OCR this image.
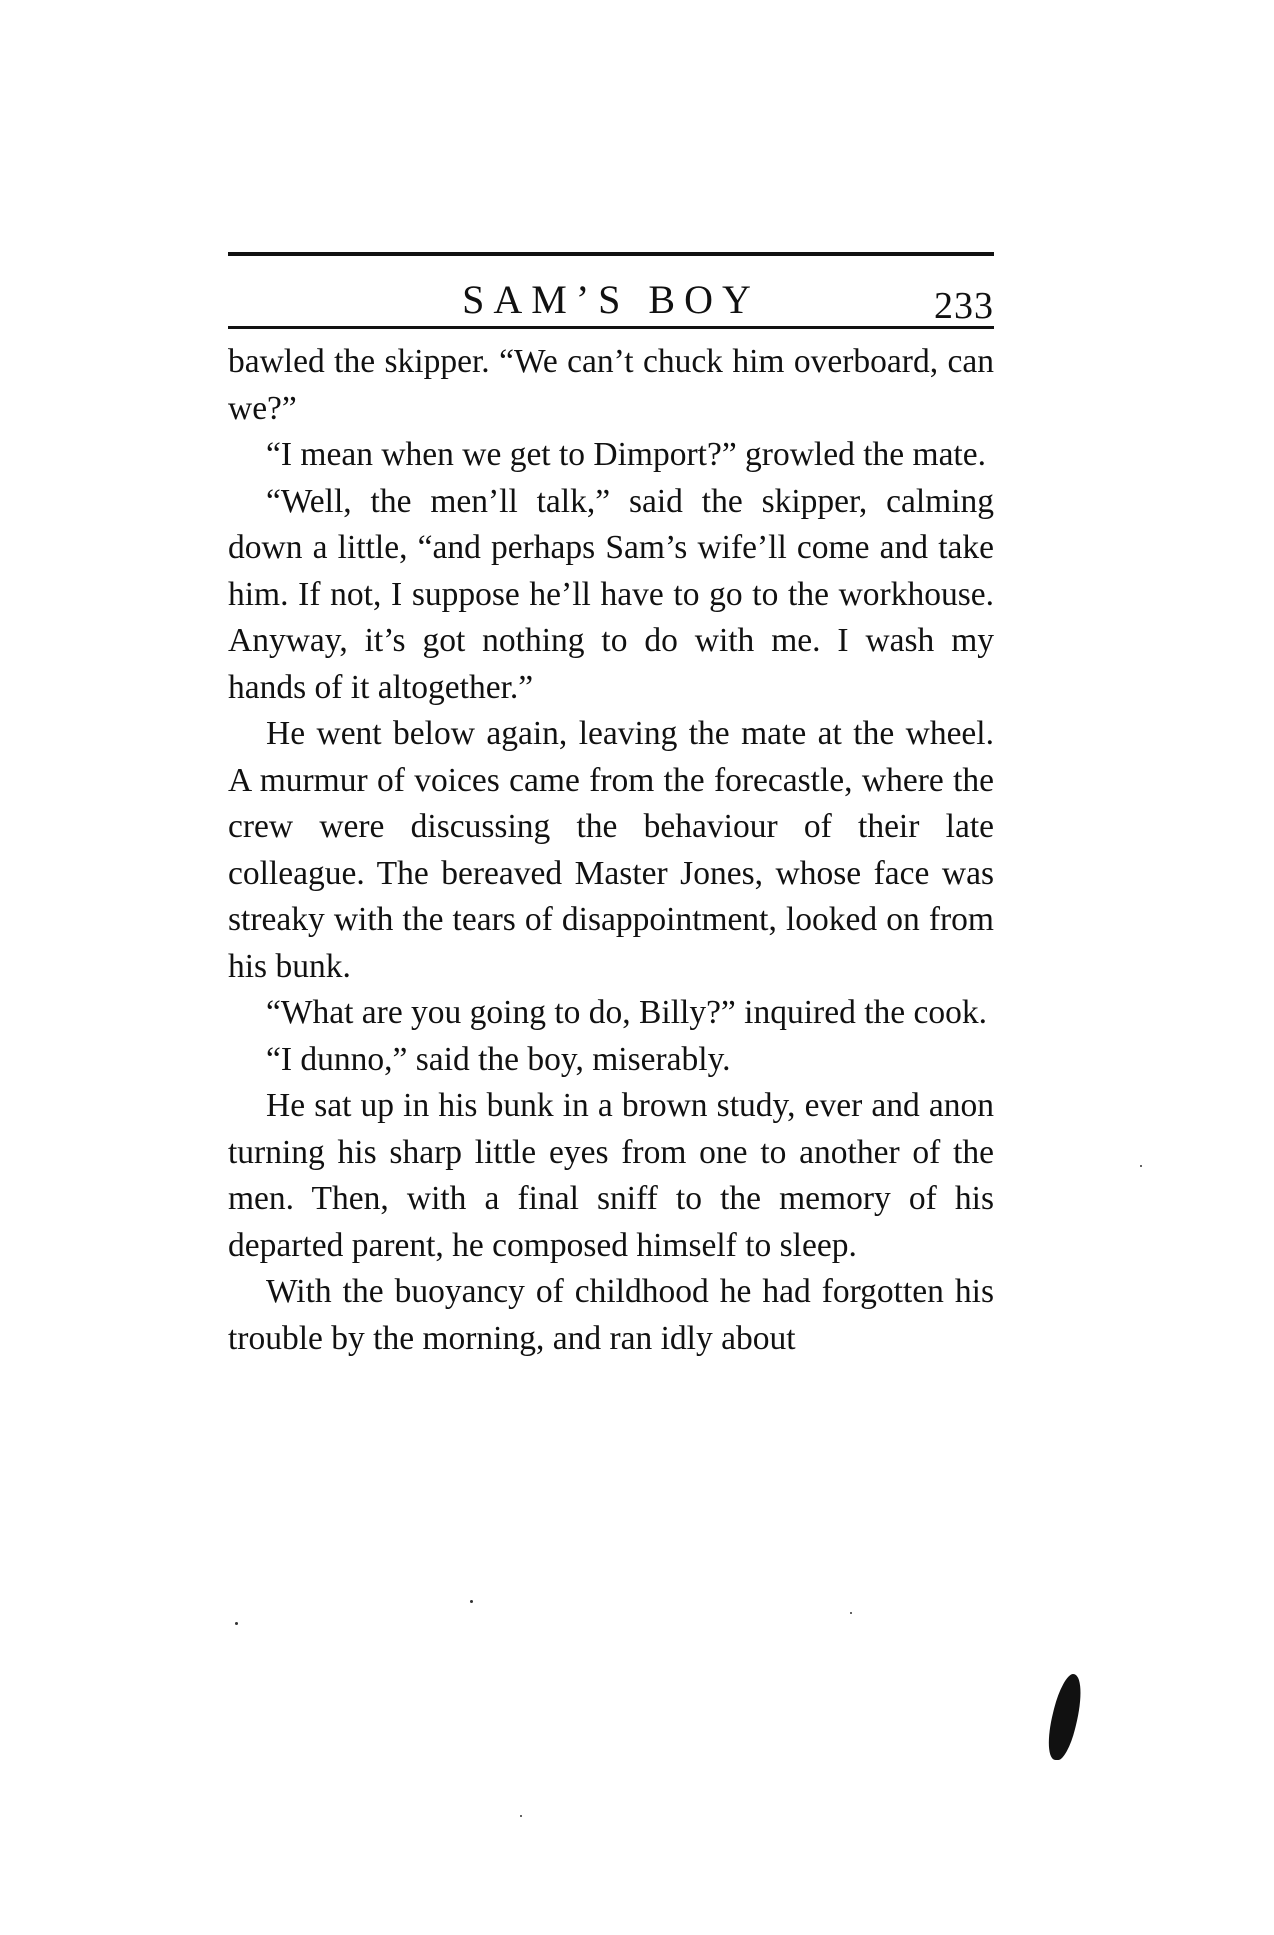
SAM’S BOY	233

bawled the skipper. “We can’t chuck him overboard, can we?”

“I mean when we get to Dimport?” growled the mate.

“Well, the men’ll talk,” said the skipper, calming down a little, “and perhaps Sam’s wife’ll come and take him. If not, I suppose he’ll have to go to the workhouse. Anyway, it’s got nothing to do with me. I wash my hands of it altogether.”

He went below again, leaving the mate at the wheel. A murmur of voices came from the forecastle, where the crew were discussing the behaviour of their late colleague. The bereaved Master Jones, whose face was streaky with the tears of disappointment, looked on from his bunk.

“What are you going to do, Billy?” inquired the cook.

“I dunno,” said the boy, miserably.

He sat up in his bunk in a brown study, ever and anon turning his sharp little eyes from one to another of the men. Then, with a final sniff to the memory of his departed parent, he composed himself to sleep.

With the buoyancy of childhood he had forgotten his trouble by the morning, and ran idly about
